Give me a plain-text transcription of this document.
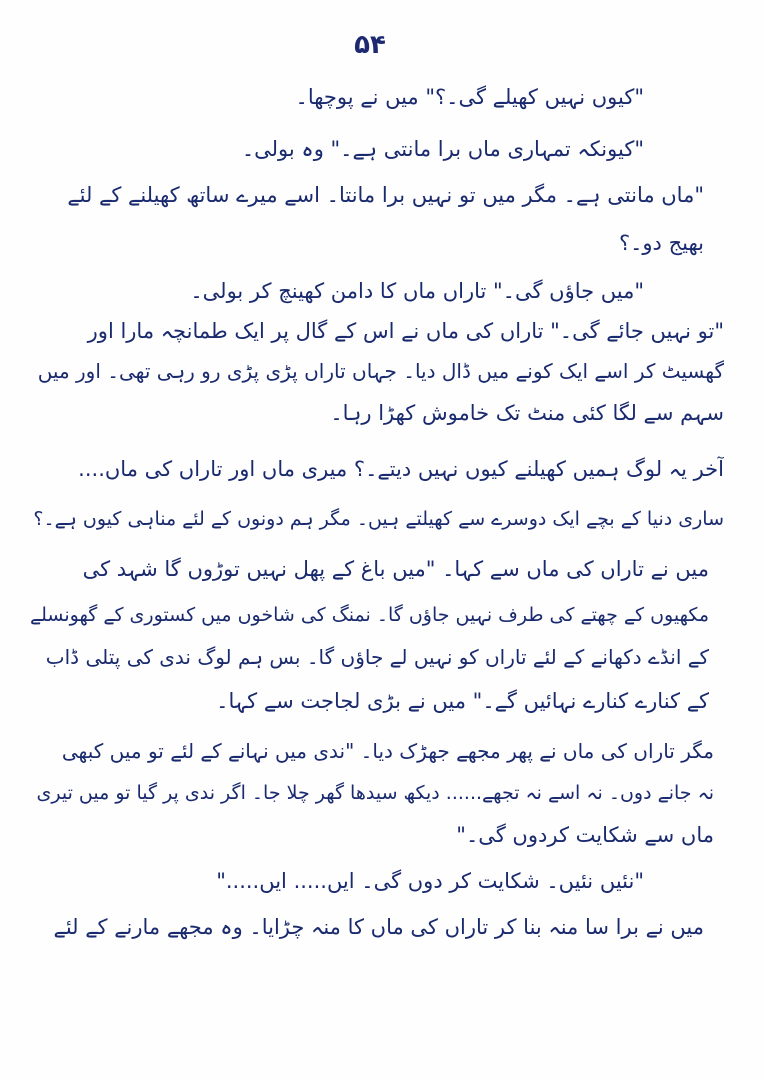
۵۴
"کیوں نہیں کھیلے گی۔؟" میں نے پوچھا۔
"کیونکہ تمہاری ماں برا مانتی ہے۔" وہ بولی۔
"ماں مانتی ہے۔ مگر میں تو نہیں برا مانتا۔ اسے میرے ساتھ کھیلنے کے لئے
بھیج دو۔؟
"میں جاؤں گی۔" تاراں ماں کا دامن کھینچ کر بولی۔
"تو نہیں جائے گی۔" تاراں کی ماں نے اس کے گال پر ایک طمانچہ مارا اور
گھسیٹ کر اسے ایک کونے میں ڈال دیا۔ جہاں تاراں پڑی پڑی رو رہی تھی۔ اور میں
سہم سے لگا کئی منٹ تک خاموش کھڑا رہا۔
آخر یہ لوگ ہمیں کھیلنے کیوں نہیں دیتے۔؟ میری ماں اور تاراں کی ماں....
ساری دنیا کے بچے ایک دوسرے سے کھیلتے ہیں۔ مگر ہم دونوں کے لئے مناہی کیوں ہے۔؟
میں نے تاراں کی ماں سے کہا۔ "میں باغ کے پھل نہیں توڑوں گا شہد کی
مکھیوں کے چھتے کی طرف نہیں جاؤں گا۔ نمنگ کی شاخوں میں کستوری کے گھونسلے
کے انڈے دکھانے کے لئے تاراں کو نہیں لے جاؤں گا۔ بس ہم لوگ ندی کی پتلی ڈاب
کے کنارے کنارے نہائیں گے۔" میں نے بڑی لجاجت سے کہا۔
مگر تاراں کی ماں نے پھر مجھے جھڑک دیا۔ "ندی میں نہانے کے لئے تو میں کبھی
نہ جانے دوں۔ نہ اسے نہ تجھے...... دیکھ سیدھا گھر چلا جا۔ اگر ندی پر گیا تو میں تیری
ماں سے شکایت کردوں گی۔"
"نئیں نئیں۔ شکایت کر دوں گی۔ ایں..... ایں....."
میں نے برا سا منہ بنا کر تاراں کی ماں کا منہ چڑایا۔ وہ مجھے مارنے کے لئے
